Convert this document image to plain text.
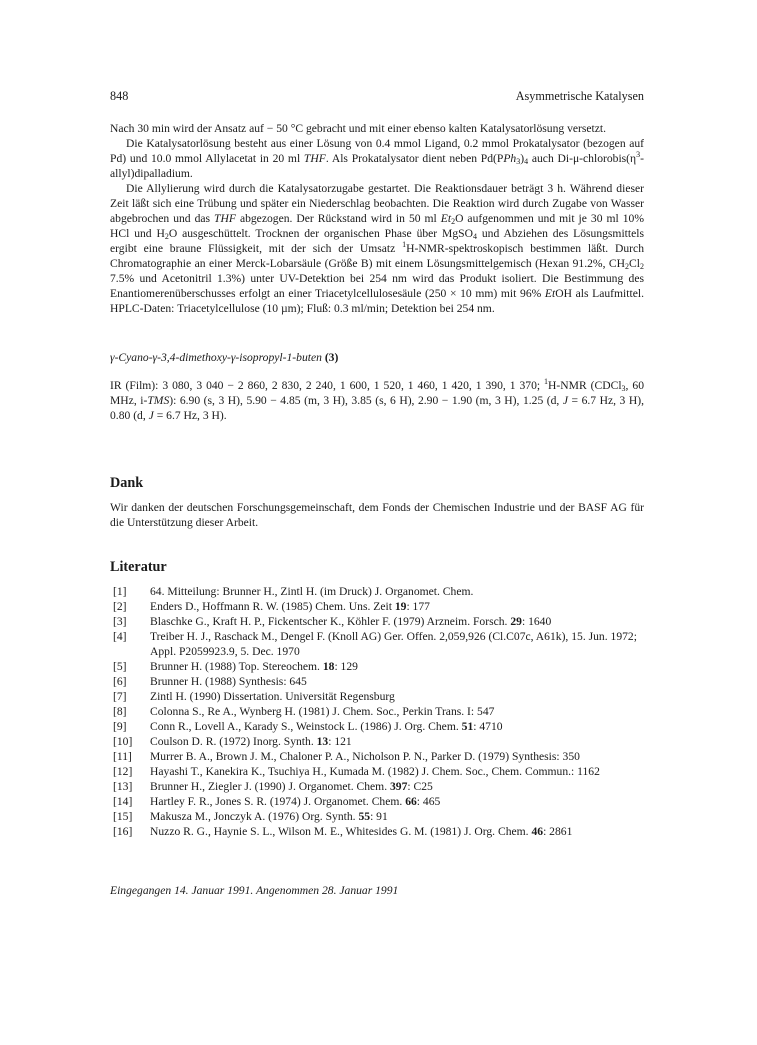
848	Asymmetrische Katalysen

Nach 30 min wird der Ansatz auf − 50 °C gebracht und mit einer ebenso kalten Katalysatorlösung versetzt.

Die Katalysatorlösung besteht aus einer Lösung von 0.4 mmol Ligand, 0.2 mmol Prokatalysator (bezogen auf Pd) und 10.0 mmol Allylacetat in 20 ml THF. Als Prokatalysator dient neben $Pd(PPh_3)_4$ auch $Di-\mu-chlorobis(\eta^3-allyl)dipalladium$.

Die Allylierung wird durch die Katalysatorzugabe gestartet. Die Reaktionsdauer beträgt 3 h. Während dieser Zeit läßt sich eine Trübung und später ein Niederschlag beobachten. Die Reaktion wird durch Zugabe von Wasser abgebrochen und das THF abgezogen. Der Rückstand wird in 50 ml $Et_2O$ aufgenommen und mit je 30 ml 10% HCl und $H_2O$ ausgeschüttelt. Trocknen der organischen Phase über MgSO$_4$ und Abziehen des Lösungsmittels ergibt eine braune Flüssigkeit, mit der sich der Umsatz $^1$H-NMR-spektroskopisch bestimmen läßt. Durch Chromatographie an einer Merck-Lobarsäule (Größe B) mit einem Lösungsmittelgemisch (Hexan 91.2%, $CH_2Cl_2$ 7.5% und Acetonitril 1.3%) unter UV-Detektion bei 254 nm wird das Produkt isoliert. Die Bestimmung des Enantiomerenüberschusses erfolgt an einer Triacetylcellulosesäule (250 × 10 mm) mit 96% EtOH als Laufmittel. HPLC-Daten: Triacetylcellulose (10 µm); Fluß: 0.3 ml/min; Detektion bei 254 nm.

γ-Cyano-γ-3,4-dimethoxy-γ-isopropyl-1-buten (3)

IR (Film): 3 080, 3 040 − 2 860, 2 830, 2 240, 1 600, 1 520, 1 460, 1 420, 1 390, 1 370; $^1$H-NMR (CDCl$_3$, 60 MHz, i-TMS): 6.90 (s, 3 H), 5.90 − 4.85 (m, 3 H), 3.85 (s, 6 H), 2.90 − 1.90 (m, 3 H), 1.25 (d, J = 6.7 Hz, 3 H), 0.80 (d, J = 6.7 Hz, 3 H).

Dank

Wir danken der deutschen Forschungsgemeinschaft, dem Fonds der Chemischen Industrie und der BASF AG für die Unterstützung dieser Arbeit.

Literatur
[1] 64. Mitteilung: Brunner H., Zintl H. (im Druck) J. Organomet. Chem.
[2] Enders D., Hoffmann R. W. (1985) Chem. Uns. Zeit 19: 177
[3] Blaschke G., Kraft H. P., Fickentscher K., Köhler F. (1979) Arzneim. Forsch. 29: 1640
[4] Treiber H. J., Raschack M., Dengel F. (Knoll AG) Ger. Offen. 2,059,926 (Cl.C07c, A61k), 15. Jun. 1972; Appl. P2059923.9, 5. Dec. 1970
[5] Brunner H. (1988) Top. Stereochem. 18: 129
[6] Brunner H. (1988) Synthesis: 645
[7] Zintl H. (1990) Dissertation. Universität Regensburg
[8] Colonna S., Re A., Wynberg H. (1981) J. Chem. Soc., Perkin Trans. I: 547
[9] Conn R., Lovell A., Karady S., Weinstock L. (1986) J. Org. Chem. 51: 4710
[10] Coulson D. R. (1972) Inorg. Synth. 13: 121
[11] Murrer B. A., Brown J. M., Chaloner P. A., Nicholson P. N., Parker D. (1979) Synthesis: 350
[12] Hayashi T., Kanekira K., Tsuchiya H., Kumada M. (1982) J. Chem. Soc., Chem. Commun.: 1162
[13] Brunner H., Ziegler J. (1990) J. Organomet. Chem. 397: C25
[14] Hartley F. R., Jones S. R. (1974) J. Organomet. Chem. 66: 465
[15] Makusza M., Jonczyk A. (1976) Org. Synth. 55: 91
[16] Nuzzo R. G., Haynie S. L., Wilson M. E., Whitesides G. M. (1981) J. Org. Chem. 46: 2861
Eingegangen 14. Januar 1991. Angenommen 28. Januar 1991
